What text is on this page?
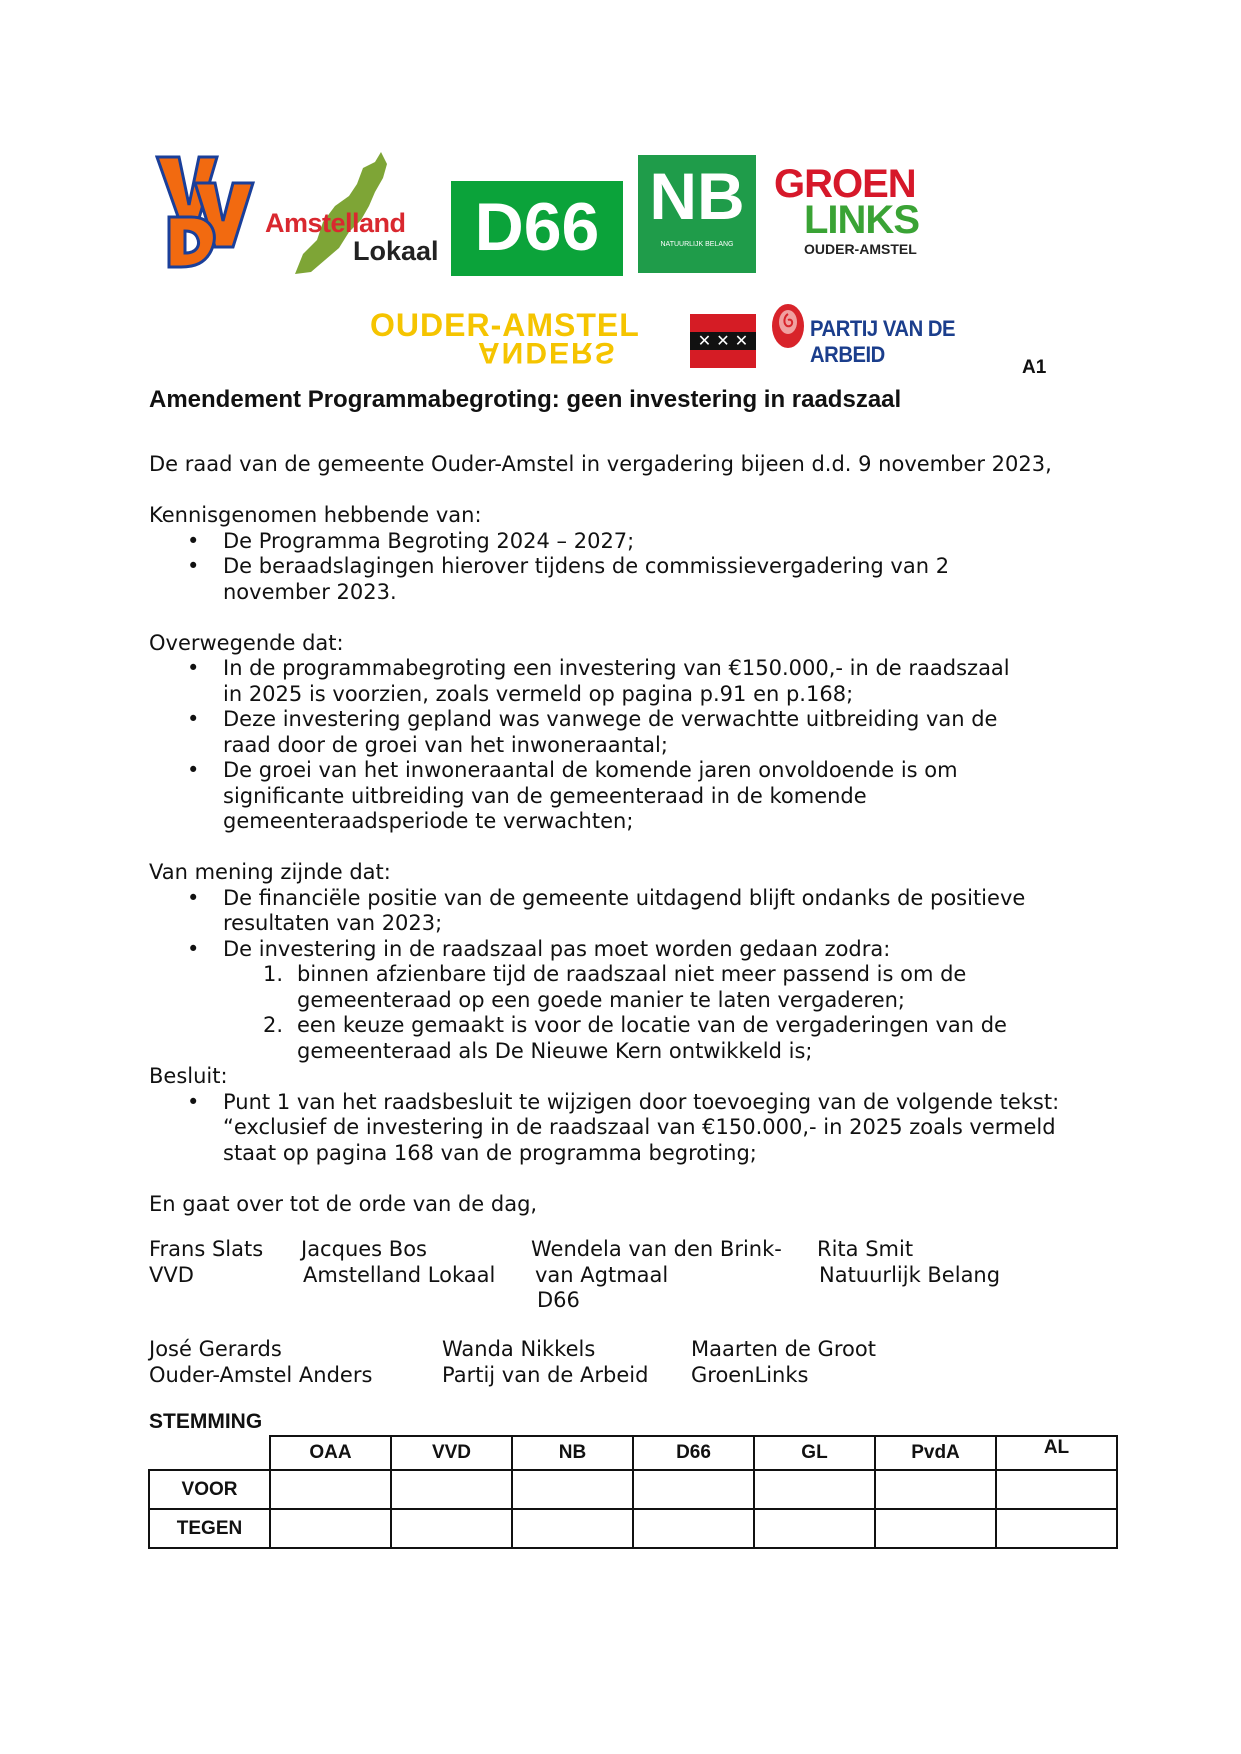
Amstelland
Lokaal D66 NB
NATUURLIJK BELANG
GROEN
LINKS
OUDER-AMSTEL
OUDER-AMSTEL
ANDERS	✕ ✕ ✕	PARTIJ VAN DE ARBEID
A1
Amendement Programmabegroting: geen investering in raadszaal
De raad van de gemeente Ouder-Amstel in vergadering bijeen d.d. 9 november 2023,
Kennisgenomen hebbende van:
• De Programma Begroting 2024 – 2027;
• De beraadslagingen hierover tijdens de commissievergadering van 2 november 2023.
Overwegende dat:
• In de programmabegroting een investering van €150.000,- in de raadszaal in 2025 is voorzien, zoals vermeld op pagina p.91 en p.168;
• Deze investering gepland was vanwege de verwachtte uitbreiding van de raad door de groei van het inwoneraantal;
• De groei van het inwoneraantal de komende jaren onvoldoende is om significante uitbreiding van de gemeenteraad in de komende gemeenteraadsperiode te verwachten;
Van mening zijnde dat:
• De financiële positie van de gemeente uitdagend blijft ondanks de positieve resultaten van 2023;
• De investering in de raadszaal pas moet worden gedaan zodra:
1. binnen afzienbare tijd de raadszaal niet meer passend is om de gemeenteraad op een goede manier te laten vergaderen;
2. een keuze gemaakt is voor de locatie van de vergaderingen van de gemeenteraad als De Nieuwe Kern ontwikkeld is;
Besluit:
• Punt 1 van het raadsbesluit te wijzigen door toevoeging van de volgende tekst: “exclusief de investering in de raadszaal van €150.000,- in 2025 zoals vermeld staat op pagina 168 van de programma begroting;
En gaat over tot de orde van de dag,
Frans Slats
VVD
Jacques Bos
Amstelland Lokaal
Wendela van den Brink-
van Agtmaal
D66
Rita Smit
Natuurlijk Belang
José Gerards
Ouder-Amstel Anders
Wanda Nikkels
Partij van de Arbeid
Maarten de Groot
GroenLinks
STEMMING
	OAA	VVD	NB	D66	GL	PvdA	AL
VOOR							
TEGEN							
